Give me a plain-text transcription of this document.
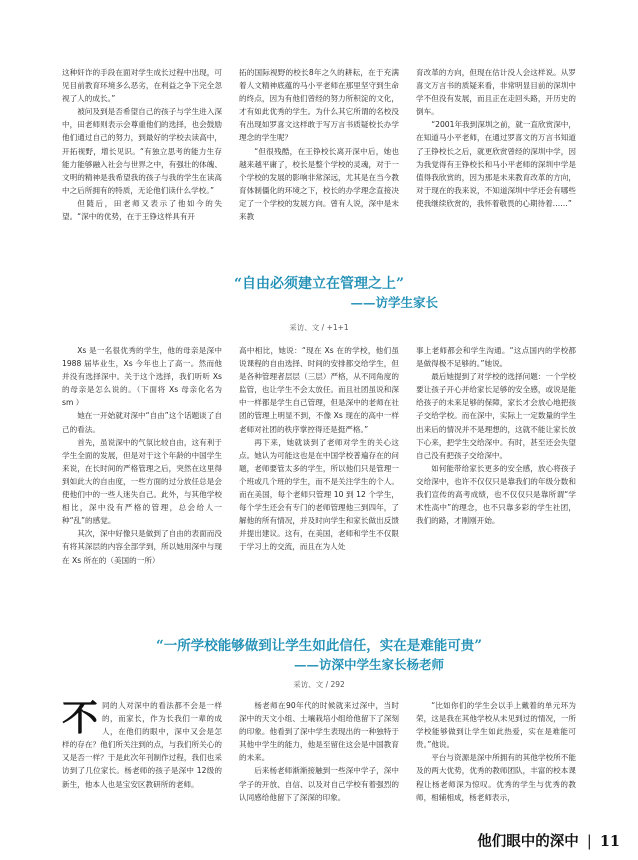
这种奸诈的手段在面对学生成长过程中出现，可见目前教育环境多么恶劣，在利益之争下完全忽视了人的成长。”

被问及到是否希望自己的孩子与学生进入深中，田老师则表示会尊重他们的选择，也会鼓励他们通过自己的努力，到最好的学校去读高中，开拓视野，增长见识。“有独立思考的能力生存能力能够融入社会与世界之中，有强壮的体魄、文明的精神是我希望我的孩子与我的学生在读高中之后所拥有的特质，无论他们读什么学校。”

但随后，田老师又表示了他如今的失望。“深中的优势，在于王铮这样具有开

拓的国际视野的校长8年之久的耕耘，在于充满着人文精神底蕴的马小平老师在那里坚守到生命的终点，因为有他们曾经的努力所积淀的文化，才有如此优秀的学生。为什么其它所谓的名校没有出现如罗喜文这样敢于写万言书质疑校长办学理念的学生呢？

“但很残酷，在王铮校长离开深中后，她也越来越平庸了，校长是整个学校的灵魂，对于一个学校的发展的影响非常深远，尤其是在当今教育体制僵化的环境之下，校长的办学理念直接决定了一个学校的发展方向。曾有人说，深中是未来教

育改革的方向，但现在估计没人会这样说。从罗喜文万言书的质疑来看，非常明显目前的深圳中学不但没有发展，而且正在走回头路，开历史的倒车。

“2001年我到深圳之前，就一直欣赏深中，在知道马小平老师，在通过罗喜文的万言书知道了王铮校长之后，就更欣赏曾经的深圳中学，因为我觉得有王铮校长和马小平老师的深圳中学是值得我欣赏的，因为那是未来教育改革的方向，对于现在的我来说，不知道深圳中学还会有哪些使我继续欣赏的，我怀着敬畏的心期待着……”

“自由必须建立在管理之上”
——访学生家长
采访、文 / +1+1

Xs 是一名很优秀的学生，他的母亲是深中 1988 届毕业生，Xs 今年也上了高一。然而他并没有选择深中。关于这个选择，我们听听 Xs 的母亲是怎么说的。（下面将 Xs 母亲化名为 sm ）

她在一开始就对深中“自由”这个话题谈了自己的看法。

首先，虽说深中的气氛比较自由，这有利于学生全面的发展，但是对于这个年龄的中国学生来说，在长时间的严格管理之后，突然在这里得到如此大的自由度，一些方面的过分放任总是会使他们中的一些人迷失自己。此外，与其他学校相比，深中没有严格的管理，总会给人一种“乱”的感觉。

其次，深中好像只是做到了自由的表面而没有将其深层的内容全部学到，所以她用深中与现在 Xs 所在的（美国的一所）

高中相比，她说：“现在 Xs 在的学校，他们虽说课程的自由选择、时间的安排都交给学生，但是各种管理者层层（三层）严格，从不同角度的监管，也让学生不会太放任。而且社团虽说和深中一样都是学生自己管理，但是深中的老师在社团的管理上明显不到，不像 Xs 现在的高中一样老师对社团的秩序掌控得还是挺严格。”

再下来，她就谈到了老师对学生的关心这点。她认为可能这也是在中国学校普遍存在的问题，老师要管太多的学生，所以他们只是管理一个班或几个班的学生，而不是关注学生的个人。而在美国，每个老师只管理 10 到 12 个学生，每个学生还会有专门的老师管理他三到四年，了解他的所有情况，并及时向学生和家长做出反馈并提出建议。这有，在美国，老师和学生不仅限于学习上的交流，而且在为人处

事上老师都会和学生沟通。“这点国内的学校都是做得极不足够的。”她说。

最后她提到了对学校的选择问题：一个学校要让孩子开心并给家长足够的安全感，或说是能给孩子的未来足够的保障，家长才会放心地把孩子交给学校。而在深中，实际上一定数量的学生出来后的情况并不是理想的，这就不能让家长放下心来，把学生交给深中。有时，甚至还会失望自己没有把孩子交给深中。

如何能带给家长更多的安全感，放心将孩子交给深中，也许不仅仅只是靠我们的年级分数和我们宣传的高考成绩，也不仅仅只是靠所谓“学术性高中”的理念，也不只靠多彩的学生社团，我们的路，才刚刚开始。

“一所学校能够做到让学生如此信任，实在是难能可贵”
——访深中学生家长杨老师
采访、文 / 292
不 同的人对深中的看法都不会是一样的，而家长，作为长我们一辈的成人，在他们的眼中，深中又会是怎样的存在？他们所关注到的点，与我们所关心的又是否一样？于是此次年刊制作过程，我们也采访到了几位家长。杨老师的孩子是深中 12级的新生，他本人也是宝安区教研所的老师。

杨老师在90年代的时候就来过深中，当时深中的天文小组、土壤栽培小组给他留下了深刻的印象。他看到了深中学生表现出的一种独特于其他中学生的能力，他是至留住这会是中国教育的未来。

后来杨老师渐渐接触到一些深中学子，深中学子的开放、自信、以及对自己学校有着强烈的认同感给他留下了深深的印象。

“比如你们的学生会以手上戴着的单元环为荣，这是我在其他学校从未见到过的情况，一所学校能够做到让学生如此热爱，实在是难能可贵。”他说。

平台与资源是深中所拥有的其他学校所不能及的两大优势，优秀的教师团队，丰富的校本课程让杨老师深为惊叹。优秀的学生与优秀的教师，相辅相成，杨老师表示，

他们眼中的深中 | 11
